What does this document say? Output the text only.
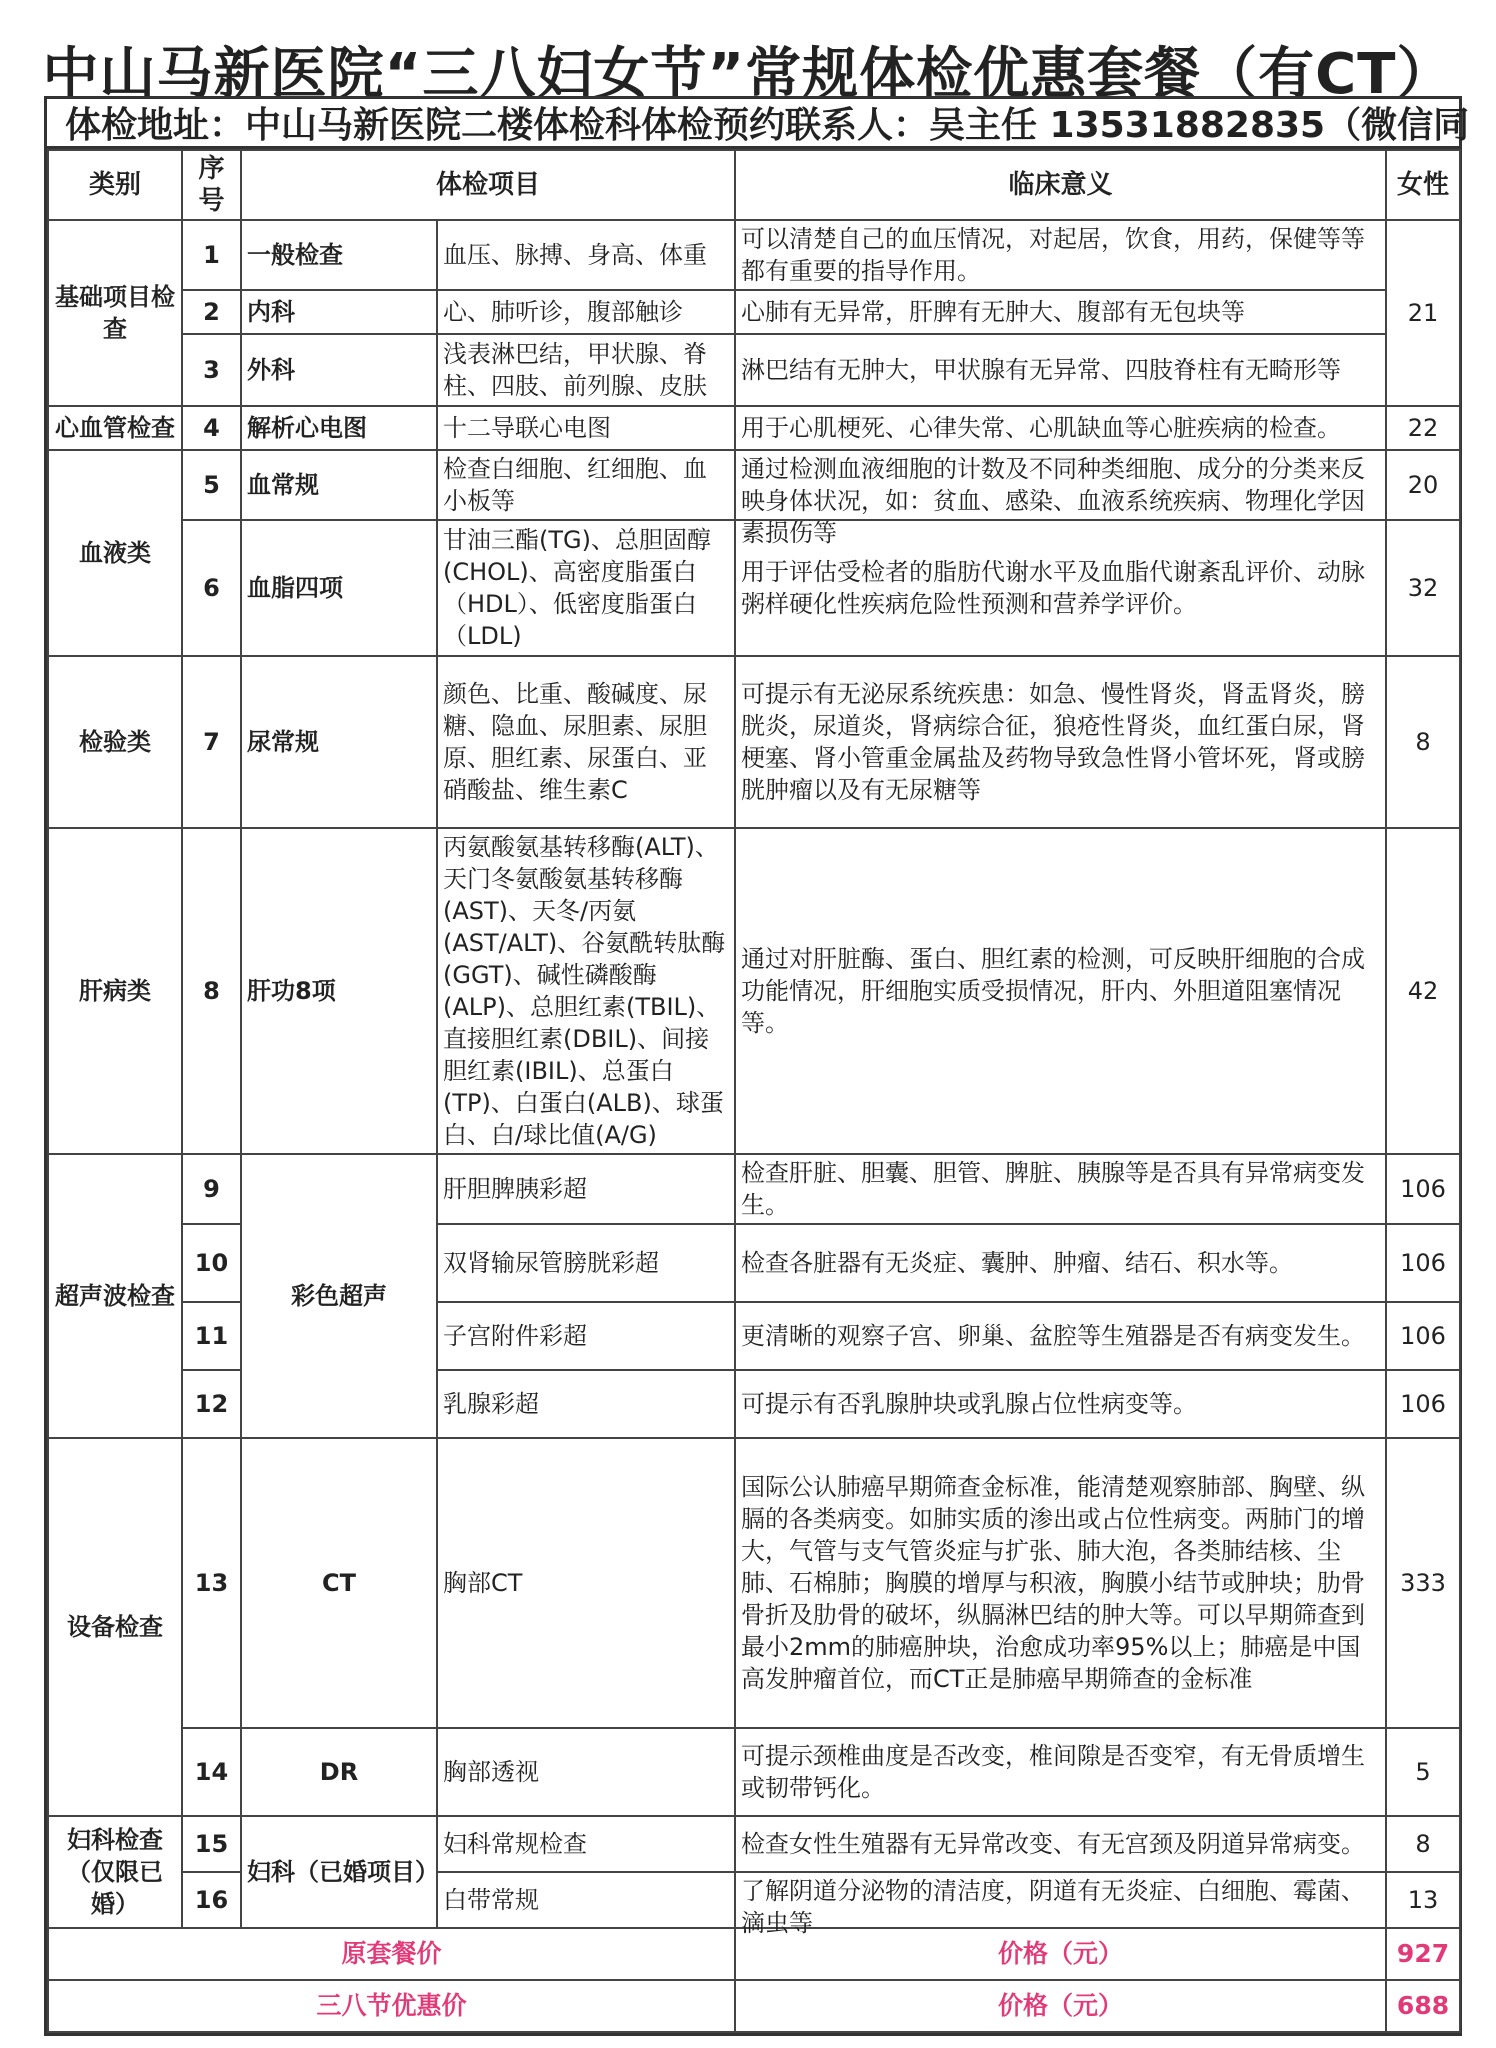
中山马新医院“三八妇女节”常规体检优惠套餐（有CT）
体检地址：中山马新医院二楼体检科 体检预约联系人：吴主任 13531882835（微信同
类别	序号	体检项目		临床意义	女性
基础项目检查	1	一般检查	血压、脉搏、身高、体重	可以清楚自己的血压情况，对起居，饮食，用药，保健等等都有重要的指导作用。	21
	2	内科	心、肺听诊，腹部触诊	心肺有无异常，肝脾有无肿大、腹部有无包块等	
	3	外科	浅表淋巴结，甲状腺、脊柱、四肢、前列腺、皮肤	淋巴结有无肿大，甲状腺有无异常、四肢脊柱有无畸形等	
心血管检查	4	解析心电图	十二导联心电图	用于心肌梗死、心律失常、心肌缺血等心脏疾病的检查。	22
血液类	5	血常规	检查白细胞、红细胞、血小板等	通过检测血液细胞的计数及不同种类细胞、成分的分类来反映身体状况，如：贫血、感染、血液系统疾病、物理化学因素损伤等	20
	6	血脂四项	甘油三酯(TG)、总胆固醇(CHOL)、高密度脂蛋白（HDL）、低密度脂蛋白（LDL)	用于评估受检者的脂肪代谢水平及血脂代谢紊乱评价、动脉粥样硬化性疾病危险性预测和营养学评价。	32
检验类	7	尿常规	颜色、比重、酸碱度、尿糖、隐血、尿胆素、尿胆原、胆红素、尿蛋白、亚硝酸盐、维生素C	可提示有无泌尿系统疾患：如急、慢性肾炎，肾盂肾炎，膀胱炎，尿道炎，肾病综合征，狼疮性肾炎，血红蛋白尿，肾梗塞、肾小管重金属盐及药物导致急性肾小管坏死，肾或膀胱肿瘤以及有无尿糖等	8
肝病类	8	肝功8项	丙氨酸氨基转移酶(ALT)、天门冬氨酸氨基转移酶(AST)、天冬/丙氨(AST/ALT)、谷氨酰转肽酶(GGT)、碱性磷酸酶(ALP)、总胆红素(TBIL)、直接胆红素(DBIL)、间接胆红素(IBIL)、总蛋白(TP)、白蛋白(ALB)、球蛋白、白/球比值(A/G)	通过对肝脏酶、蛋白、胆红素的检测，可反映肝细胞的合成功能情况，肝细胞实质受损情况，肝内、外胆道阻塞情况等。	42
超声波检查	9	彩色超声	肝胆脾胰彩超	检查肝脏、胆囊、胆管、脾脏、胰腺等是否具有异常病变发生。	106
	10		双肾输尿管膀胱彩超	检查各脏器有无炎症、囊肿、肿瘤、结石、积水等。	106
	11		子宫附件彩超	更清晰的观察子宫、卵巢、盆腔等生殖器是否有病变发生。	106
	12		乳腺彩超	可提示有否乳腺肿块或乳腺占位性病变等。	106
设备检查	13	CT	胸部CT	国际公认肺癌早期筛查金标准，能清楚观察肺部、胸壁、纵膈的各类病变。如肺实质的渗出或占位性病变。两肺门的增大，气管与支气管炎症与扩张、肺大泡，各类肺结核、尘肺、石棉肺；胸膜的增厚与积液，胸膜小结节或肿块；肋骨骨折及肋骨的破坏，纵膈淋巴结的肿大等。可以早期筛查到最小2mm的肺癌肿块，治愈成功率95%以上；肺癌是中国高发肿瘤首位，而CT正是肺癌早期筛查的金标准	333
	14	DR	胸部透视	可提示颈椎曲度是否改变，椎间隙是否变窄，有无骨质增生或韧带钙化。	5
妇科检查（仅限已婚）	15	妇科（已婚项目）	妇科常规检查	检查女性生殖器有无异常改变、有无宫颈及阴道异常病变。	8
	16		白带常规	了解阴道分泌物的清洁度，阴道有无炎症、白细胞、霉菌、滴虫等	13
原套餐价				价格（元）	927
三八节优惠价				价格（元）	688
